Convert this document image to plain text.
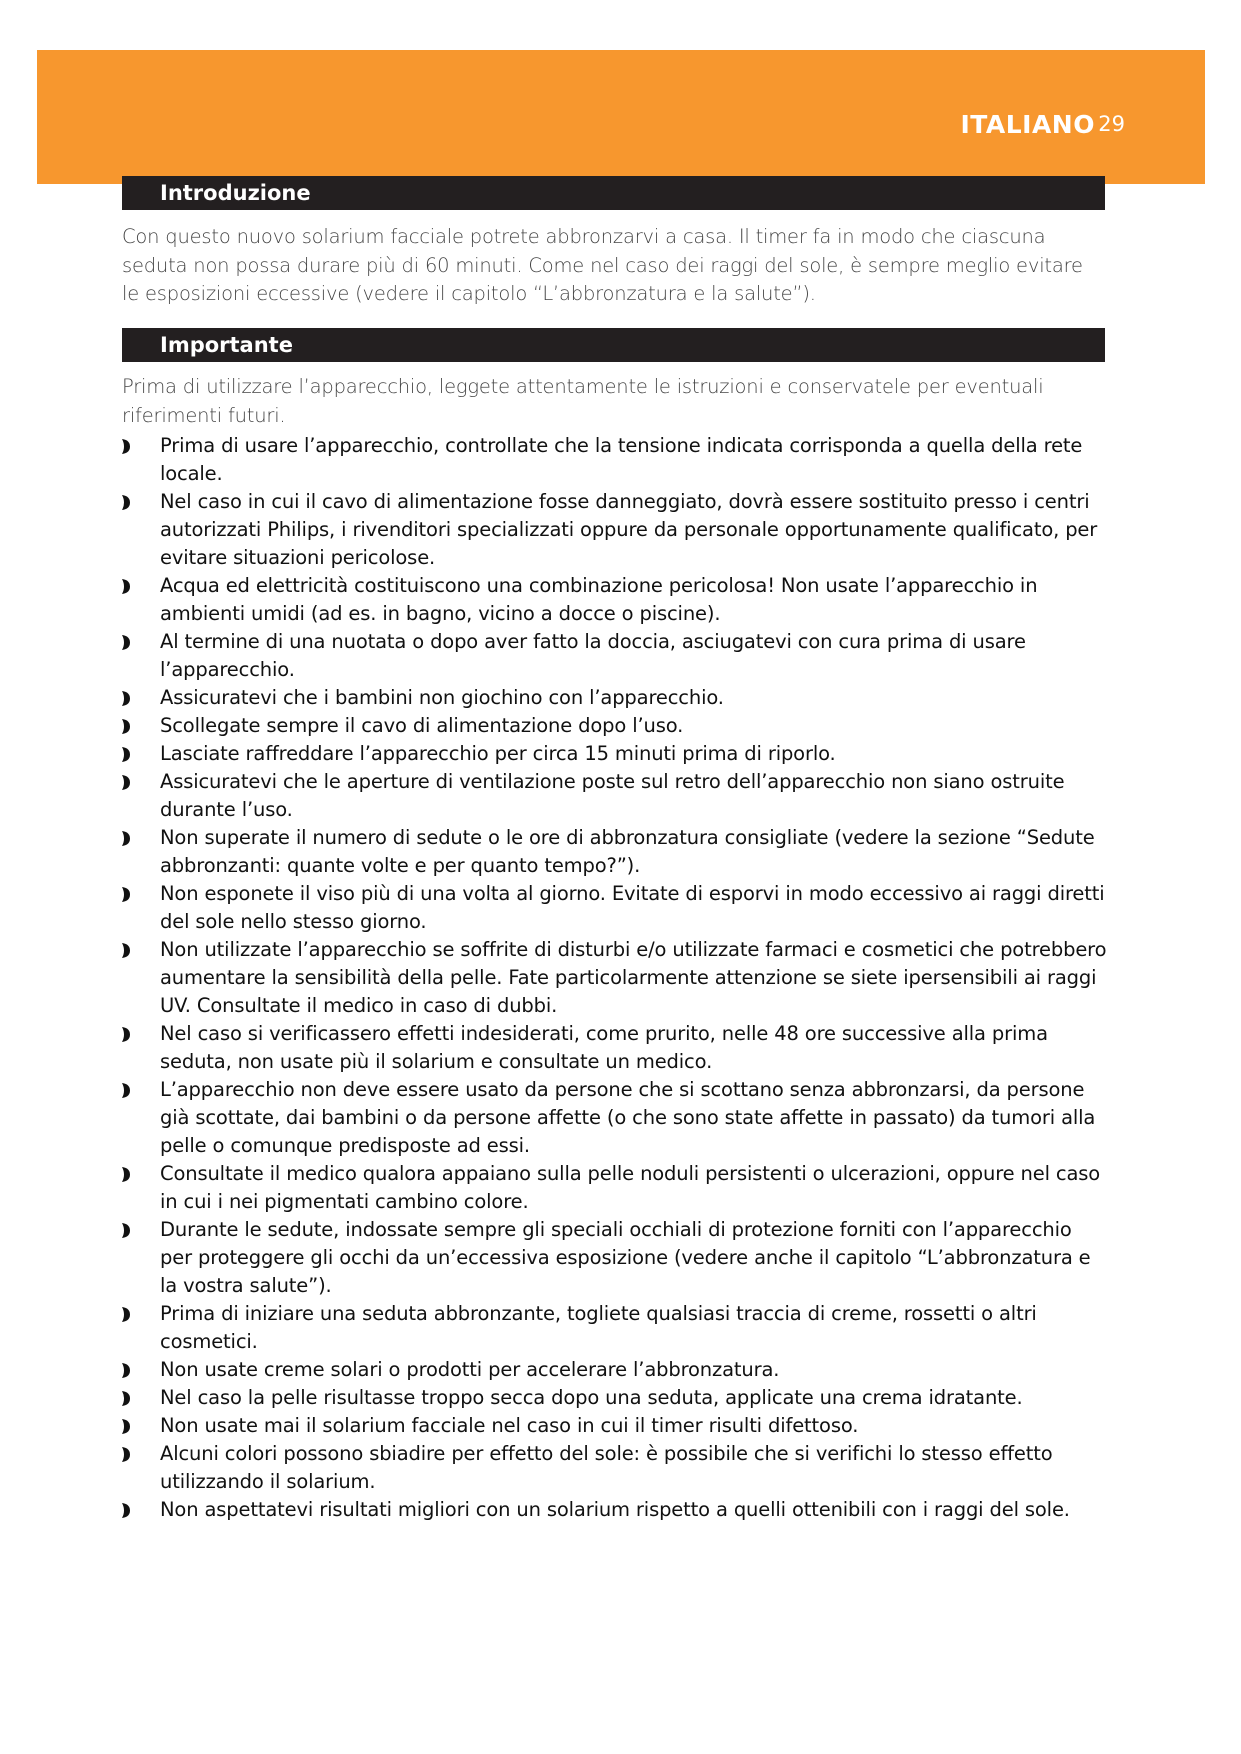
ITALIANO 29
Introduzione

Con questo nuovo solarium facciale potrete abbronzarvi a casa. Il timer fa in modo che ciascuna seduta non possa durare più di 60 minuti. Come nel caso dei raggi del sole, è sempre meglio evitare le esposizioni eccessive (vedere il capitolo “L’abbronzatura e la salute”).

Importante

Prima di utilizzare l’apparecchio, leggete attentamente le istruzioni e conservatele per eventuali riferimenti futuri.

Prima di usare l’apparecchio, controllate che la tensione indicata corrisponda a quella della rete locale.
Nel caso in cui il cavo di alimentazione fosse danneggiato, dovrà essere sostituito presso i centri autorizzati Philips, i rivenditori specializzati oppure da personale opportunamente qualificato, per evitare situazioni pericolose.
Acqua ed elettricità costituiscono una combinazione pericolosa! Non usate l’apparecchio in ambienti umidi (ad es. in bagno, vicino a docce o piscine).
Al termine di una nuotata o dopo aver fatto la doccia, asciugatevi con cura prima di usare l’apparecchio.
Assicuratevi che i bambini non giochino con l’apparecchio.
Scollegate sempre il cavo di alimentazione dopo l’uso.
Lasciate raffreddare l’apparecchio per circa 15 minuti prima di riporlo.
Assicuratevi che le aperture di ventilazione poste sul retro dell’apparecchio non siano ostruite durante l’uso.
Non superate il numero di sedute o le ore di abbronzatura consigliate (vedere la sezione “Sedute abbronzanti: quante volte e per quanto tempo?”).
Non esponete il viso più di una volta al giorno. Evitate di esporvi in modo eccessivo ai raggi diretti del sole nello stesso giorno.
Non utilizzate l’apparecchio se soffrite di disturbi e/o utilizzate farmaci e cosmetici che potrebbero aumentare la sensibilità della pelle. Fate particolarmente attenzione se siete ipersensibili ai raggi UV. Consultate il medico in caso di dubbi.
Nel caso si verificassero effetti indesiderati, come prurito, nelle 48 ore successive alla prima seduta, non usate più il solarium e consultate un medico.
L’apparecchio non deve essere usato da persone che si scottano senza abbronzarsi, da persone già scottate, dai bambini o da persone affette (o che sono state affette in passato) da tumori alla pelle o comunque predisposte ad essi.
Consultate il medico qualora appaiano sulla pelle noduli persistenti o ulcerazioni, oppure nel caso in cui i nei pigmentati cambino colore.
Durante le sedute, indossate sempre gli speciali occhiali di protezione forniti con l’apparecchio per proteggere gli occhi da un’eccessiva esposizione (vedere anche il capitolo “L’abbronzatura e la vostra salute”).
Prima di iniziare una seduta abbronzante, togliete qualsiasi traccia di creme, rossetti o altri cosmetici.
Non usate creme solari o prodotti per accelerare l’abbronzatura.
Nel caso la pelle risultasse troppo secca dopo una seduta, applicate una crema idratante.
Non usate mai il solarium facciale nel caso in cui il timer risulti difettoso.
Alcuni colori possono sbiadire per effetto del sole: è possibile che si verifichi lo stesso effetto utilizzando il solarium.
Non aspettatevi risultati migliori con un solarium rispetto a quelli ottenibili con i raggi del sole.
